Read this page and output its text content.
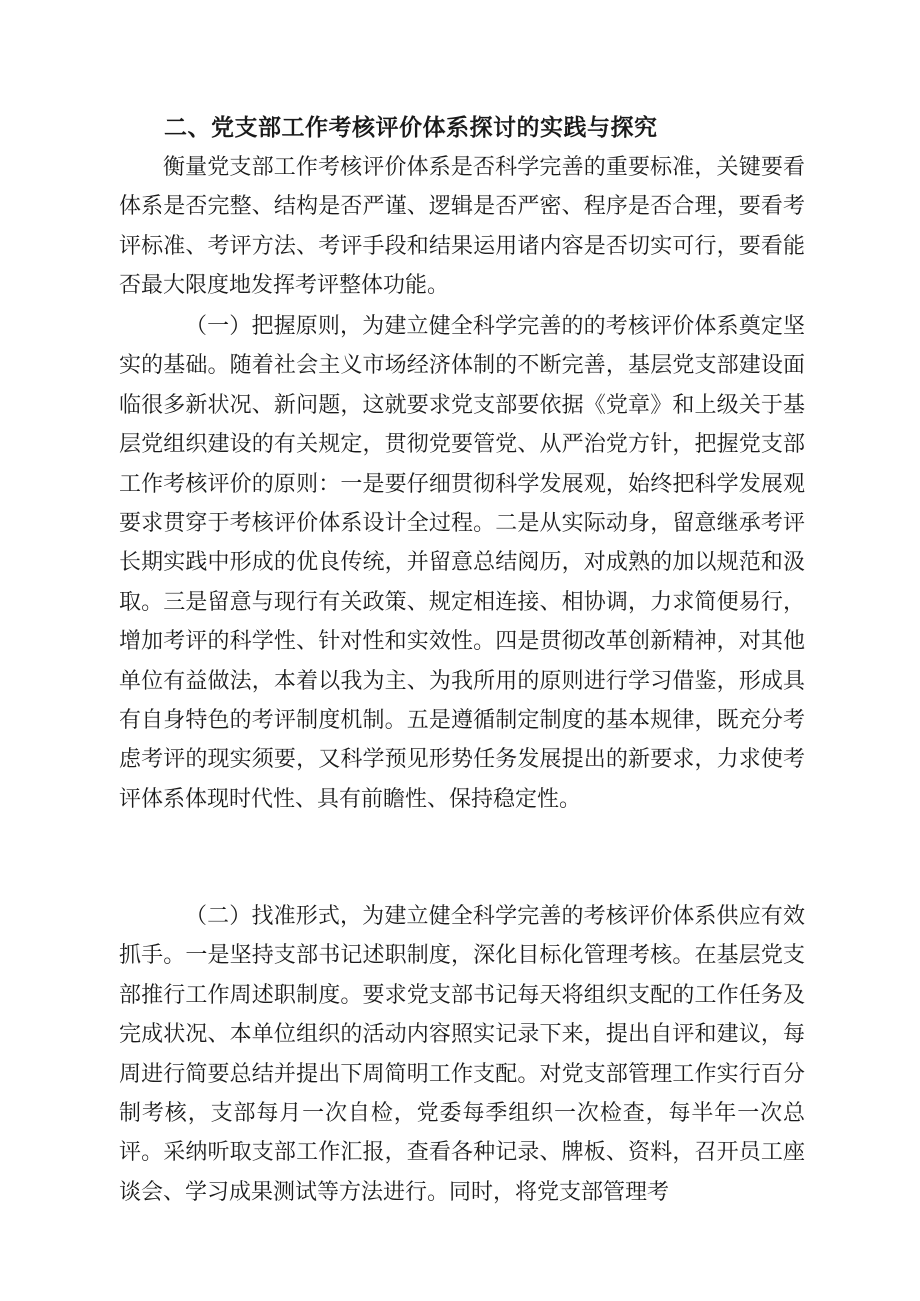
二、党支部工作考核评价体系探讨的实践与探究

衡量党支部工作考核评价体系是否科学完善的重要标准，关键要看体系是否完整、结构是否严谨、逻辑是否严密、程序是否合理，要看考评标准、考评方法、考评手段和结果运用诸内容是否切实可行，要看能否最大限度地发挥考评整体功能。

（一）把握原则，为建立健全科学完善的的考核评价体系奠定坚实的基础。随着社会主义市场经济体制的不断完善，基层党支部建设面临很多新状况、新问题，这就要求党支部要依据《党章》和上级关于基层党组织建设的有关规定，贯彻党要管党、从严治党方针，把握党支部工作考核评价的原则：一是要仔细贯彻科学发展观，始终把科学发展观要求贯穿于考核评价体系设计全过程。二是从实际动身，留意继承考评长期实践中形成的优良传统，并留意总结阅历，对成熟的加以规范和汲取。三是留意与现行有关政策、规定相连接、相协调，力求简便易行，增加考评的科学性、针对性和实效性。四是贯彻改革创新精神，对其他单位有益做法，本着以我为主、为我所用的原则进行学习借鉴，形成具有自身特色的考评制度机制。五是遵循制定制度的基本规律，既充分考虑考评的现实须要，又科学预见形势任务发展提出的新要求，力求使考评体系体现时代性、具有前瞻性、保持稳定性。

（二）找准形式，为建立健全科学完善的考核评价体系供应有效抓手。一是坚持支部书记述职制度，深化目标化管理考核。在基层党支部推行工作周述职制度。要求党支部书记每天将组织支配的工作任务及完成状况、本单位组织的活动内容照实记录下来，提出自评和建议，每周进行简要总结并提出下周简明工作支配。对党支部管理工作实行百分制考核，支部每月一次自检，党委每季组织一次检查，每半年一次总评。采纳听取支部工作汇报，查看各种记录、牌板、资料，召开员工座谈会、学习成果测试等方法进行。同时，将党支部管理考
